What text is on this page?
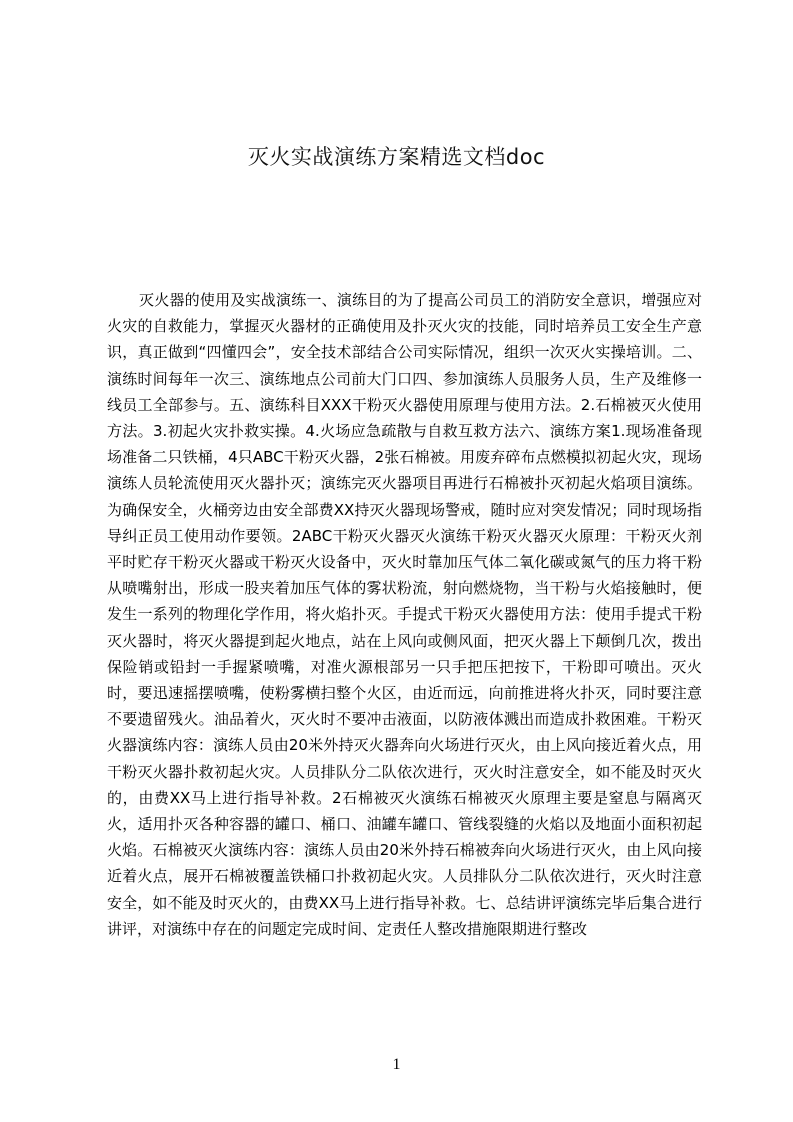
灭火实战演练方案精选文档doc

灭火器的使用及实战演练一、演练目的为了提高公司员工的消防安全意识，增强应对火灾的自救能力，掌握灭火器材的正确使用及扑灭火灾的技能，同时培养员工安全生产意识，真正做到“四懂四会”，安全技术部结合公司实际情况，组织一次灭火实操培训。二、演练时间每年一次三、演练地点公司前大门口四、参加演练人员服务人员，生产及维修一线员工全部参与。五、演练科目XXX干粉灭火器使用原理与使用方法。2.石棉被灭火使用方法。3.初起火灾扑救实操。4.火场应急疏散与自救互救方法六、演练方案1.现场准备现场准备二只铁桶，4只ABC干粉灭火器，2张石棉被。用废弃碎布点燃模拟初起火灾，现场演练人员轮流使用灭火器扑灭；演练完灭火器项目再进行石棉被扑灭初起火焰项目演练。为确保安全，火桶旁边由安全部费XX持灭火器现场警戒，随时应对突发情况；同时现场指导纠正员工使用动作要领。2ABC干粉灭火器灭火演练干粉灭火器灭火原理：干粉灭火剂平时贮存干粉灭火器或干粉灭火设备中，灭火时靠加压气体二氧化碳或氮气的压力将干粉从喷嘴射出，形成一股夹着加压气体的雾状粉流，射向燃烧物，当干粉与火焰接触时，便发生一系列的物理化学作用，将火焰扑灭。手提式干粉灭火器使用方法：使用手提式干粉灭火器时，将灭火器提到起火地点，站在上风向或侧风面，把灭火器上下颠倒几次，拨出保险销或铅封一手握紧喷嘴，对准火源根部另一只手把压把按下，干粉即可喷出。灭火时，要迅速摇摆喷嘴，使粉雾横扫整个火区，由近而远，向前推进将火扑灭，同时要注意不要遗留残火。油品着火，灭火时不要冲击液面，以防液体溅出而造成扑救困难。干粉灭火器演练内容：演练人员由20米外持灭火器奔向火场进行灭火，由上风向接近着火点，用干粉灭火器扑救初起火灾。人员排队分二队依次进行，灭火时注意安全，如不能及时灭火的，由费XX马上进行指导补救。2石棉被灭火演练石棉被灭火原理主要是窒息与隔离灭火，适用扑灭各种容器的罐口、桶口、油罐车罐口、管线裂缝的火焰以及地面小面积初起火焰。石棉被灭火演练内容：演练人员由20米外持石棉被奔向火场进行灭火，由上风向接近着火点，展开石棉被覆盖铁桶口扑救初起火灾。人员排队分二队依次进行，灭火时注意安全，如不能及时灭火的，由费XX马上进行指导补救。七、总结讲评演练完毕后集合进行讲评，对演练中存在的问题定完成时间、定责任人整改措施限期进行整改

1
